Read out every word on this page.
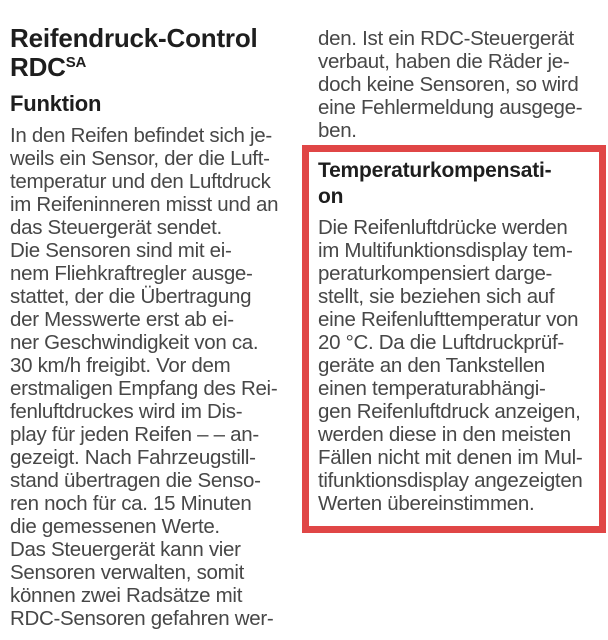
Reifendruck-Control
$RDC^{SA}$
Funktion
In den Reifen befindet sich je-
weils ein Sensor, der die Luft-
temperatur und den Luftdruck
im Reifeninneren misst und an
das Steuergerät sendet.
Die Sensoren sind mit ei-
nem Fliehkraftregler ausge-
stattet, der die Übertragung
der Messwerte erst ab ei-
ner Geschwindigkeit von ca.
30 km/h freigibt. Vor dem
erstmaligen Empfang des Rei-
fenluftdruckes wird im Dis-
play für jeden Reifen – – an-
gezeigt. Nach Fahrzeugstill-
stand übertragen die Senso-
ren noch für ca. 15 Minuten
die gemessenen Werte.
Das Steuergerät kann vier
Sensoren verwalten, somit
können zwei Radsätze mit
RDC-Sensoren gefahren wer-
den. Ist ein RDC-Steuergerät
verbaut, haben die Räder je-
doch keine Sensoren, so wird
eine Fehlermeldung ausgege-
ben.
Temperaturkompensati-
on
Die Reifenluftdrücke werden
im Multifunktionsdisplay tem-
peraturkompensiert darge-
stellt, sie beziehen sich auf
eine Reifenlufttemperatur von
20 °C. Da die Luftdruckprüf-
geräte an den Tankstellen
einen temperaturabhängi-
gen Reifenluftdruck anzeigen,
werden diese in den meisten
Fällen nicht mit denen im Mul-
tifunktionsdisplay angezeigten
Werten übereinstimmen.
